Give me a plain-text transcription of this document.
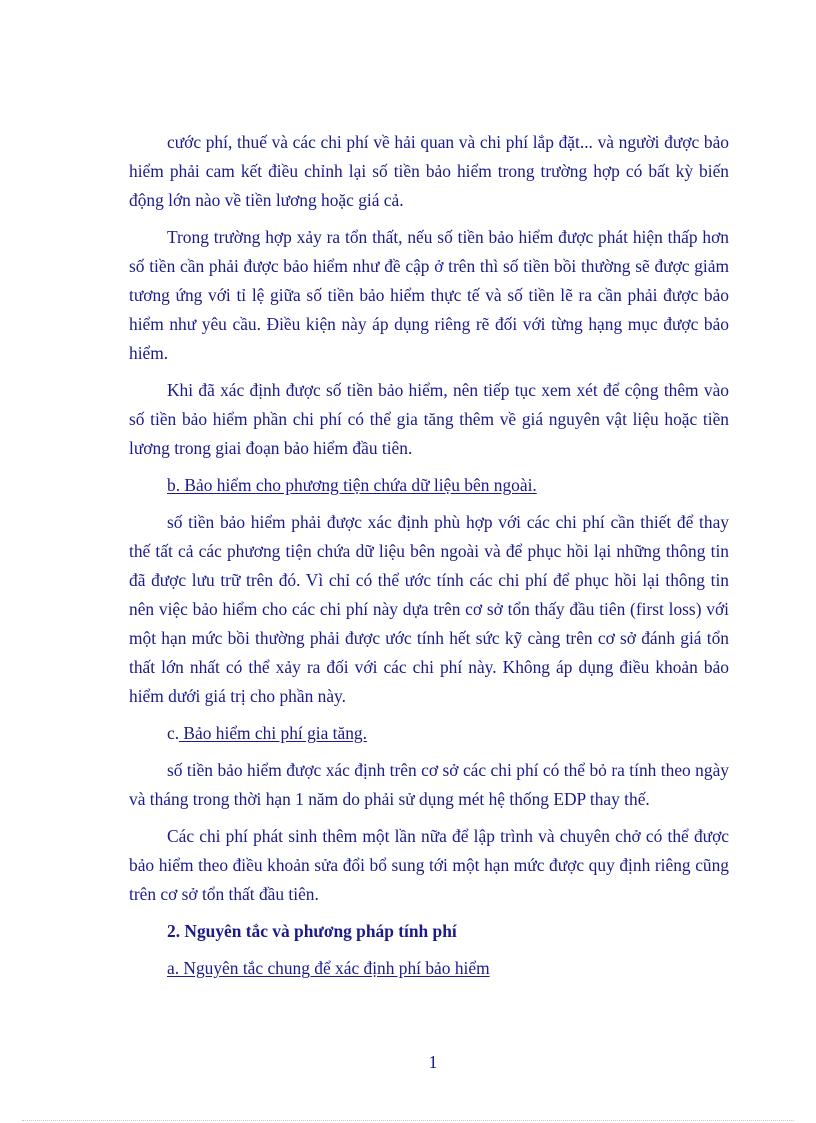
cước phí, thuế và các chi phí về hải quan và chi phí lắp đặt... và người được bảo hiểm phải cam kết điều chỉnh lại số tiền bảo hiểm trong trường hợp có bất kỳ biến động lớn nào về tiền lương hoặc giá cả.

Trong trường hợp xảy ra tổn thất, nếu số tiền bảo hiểm được phát hiện thấp hơn số tiền cần phải được bảo hiểm như đề cập ở trên thì số tiền bồi thường sẽ được giảm tương ứng với tỉ lệ giữa số tiền bảo hiểm thực tế và số tiền lẽ ra cần phải được bảo hiểm như yêu cầu. Điều kiện này áp dụng riêng rẽ đối với từng hạng mục được bảo hiểm.

Khi đã xác định được số tiền bảo hiểm, nên tiếp tục xem xét để cộng thêm vào số tiền bảo hiểm phần chi phí có thể gia tăng thêm về giá nguyên vật liệu hoặc tiền lương trong giai đoạn bảo hiểm đầu tiên.

b. Bảo hiểm cho phương tiện chứa dữ liệu bên ngoài.

số tiền bảo hiểm phải được xác định phù hợp với các chi phí cần thiết để thay thế tất cả các phương tiện chứa dữ liệu bên ngoài và để phục hồi lại những thông tin đã được lưu trữ trên đó. Vì chỉ có thể ước tính các chi phí để phục hồi lại thông tin nên việc bảo hiểm cho các chi phí này dựa trên cơ sở tổn thấy đầu tiên (first loss) với một hạn mức bồi thường phải được ước tính hết sức kỹ càng trên cơ sở đánh giá tổn thất lớn nhất có thể xảy ra đối với các chi phí này. Không áp dụng điều khoản bảo hiểm dưới giá trị cho phần này.

c. Bảo hiểm chi phí gia tăng.

số tiền bảo hiểm được xác định trên cơ sở các chi phí có thể bỏ ra tính theo ngày và tháng trong thời hạn 1 năm do phải sử dụng mét hệ thống EDP thay thế.

Các chi phí phát sinh thêm một lần nữa để lập trình và chuyên chở có thể được bảo hiểm theo điều khoản sửa đổi bổ sung tới một hạn mức được quy định riêng cũng trên cơ sở tổn thất đầu tiên.

2. Nguyên tắc và phương pháp tính phí

a. Nguyên tắc chung để xác định phí bảo hiểm

1
